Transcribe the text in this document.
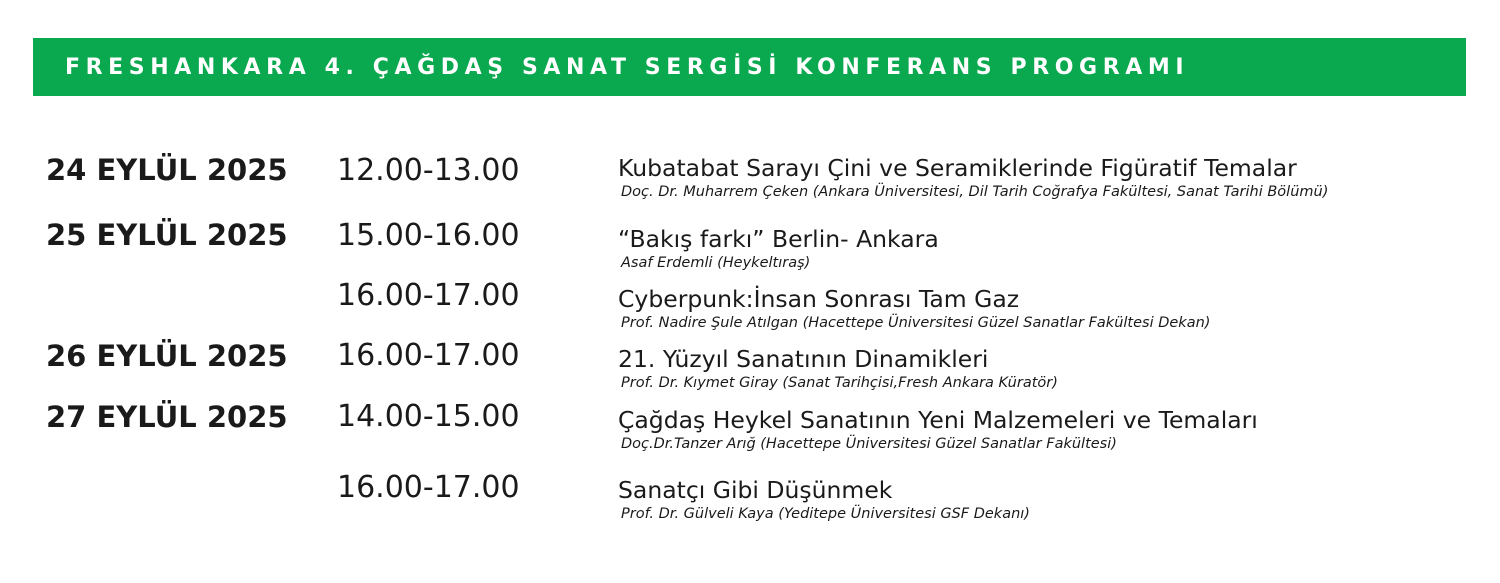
FRESHANKARA 4. ÇAĞDAŞ SANAT SERGİSİ KONFERANS PROGRAMI
24 EYLÜL 2025 12.00-13.00	Kubatabat Sarayı Çini ve Seramiklerinde Figüratif Temalar
Doç. Dr. Muharrem Çeken (Ankara Üniversitesi, Dil Tarih Coğrafya Fakültesi, Sanat Tarihi Bölümü)
25 EYLÜL 2025 15.00-16.00	“Bakış farkı” Berlin- Ankara
Asaf Erdemli (Heykeltıraş)
16.00-17.00	Cyberpunk:İnsan Sonrası Tam Gaz
Prof. Nadire Şule Atılgan (Hacettepe Üniversitesi Güzel Sanatlar Fakültesi Dekan)
26 EYLÜL 2025 16.00-17.00	21. Yüzyıl Sanatının Dinamikleri
Prof. Dr. Kıymet Giray (Sanat Tarihçisi,Fresh Ankara Küratör)
27 EYLÜL 2025 14.00-15.00	Çağdaş Heykel Sanatının Yeni Malzemeleri ve Temaları
Doç.Dr.Tanzer Arığ (Hacettepe Üniversitesi Güzel Sanatlar Fakültesi)
16.00-17.00	Sanatçı Gibi Düşünmek
Prof. Dr. Gülveli Kaya (Yeditepe Üniversitesi GSF Dekanı)
